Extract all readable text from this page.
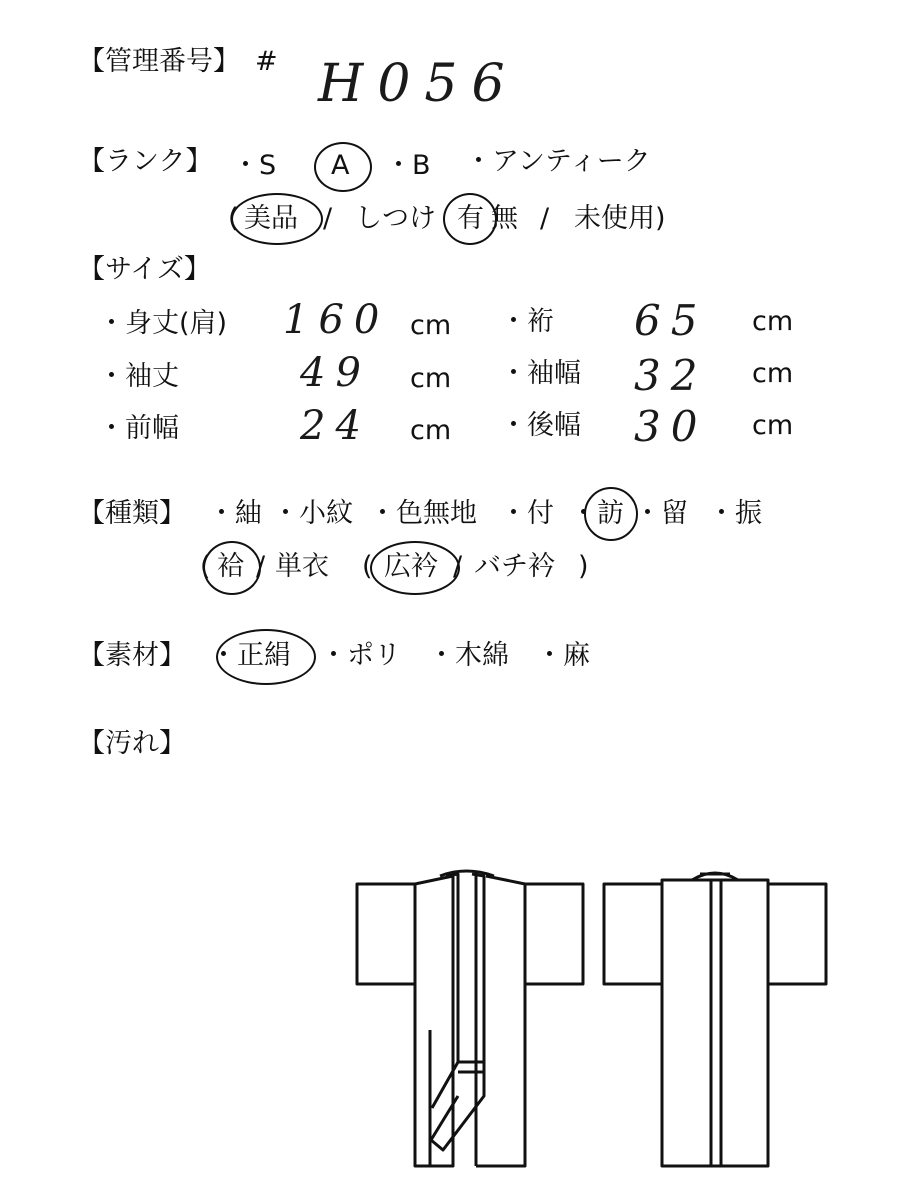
【管理番号】 # H056
【ランク】 ・S A ・B ・アンティーク
( 美品 / しつけ 有 無 / 未使用)
【サイズ】
・身丈(肩) 160 cm ・裄 65 cm
・袖丈	49 cm ・袖幅 32 cm
・前幅	24 cm ・後幅 30 cm
【種類】 ・紬 ・小紋 ・色無地 ・付 ・訪 ・留 ・振
( 袷 / 単衣 ( 広衿 / バチ衿 )
【素材】 ・正絹 ・ポリ ・木綿 ・麻
【汚れ】
